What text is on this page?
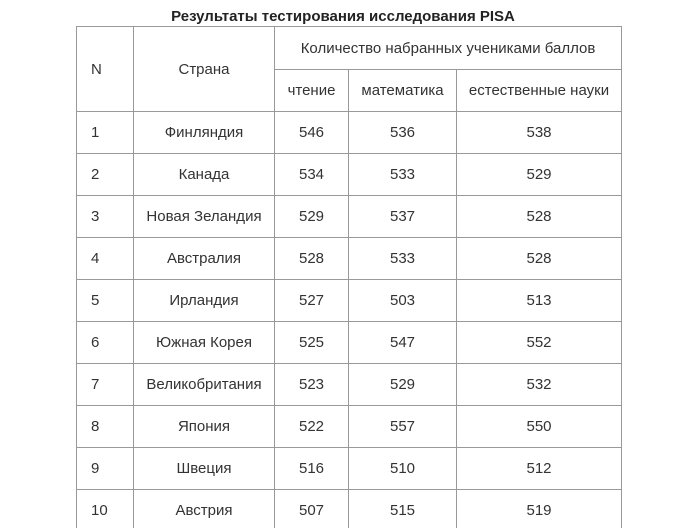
Результаты тестирования исследования PISA
N	Страна	Количество набранных учениками баллов		
		чтение	математика	естественные науки
1	Финляндия	546	536	538
2	Канада	534	533	529
3	Новая Зеландия	529	537	528
4	Австралия	528	533	528
5	Ирландия	527	503	513
6	Южная Корея	525	547	552
7	Великобритания	523	529	532
8	Япония	522	557	550
9	Швеция	516	510	512
10	Австрия	507	515	519
